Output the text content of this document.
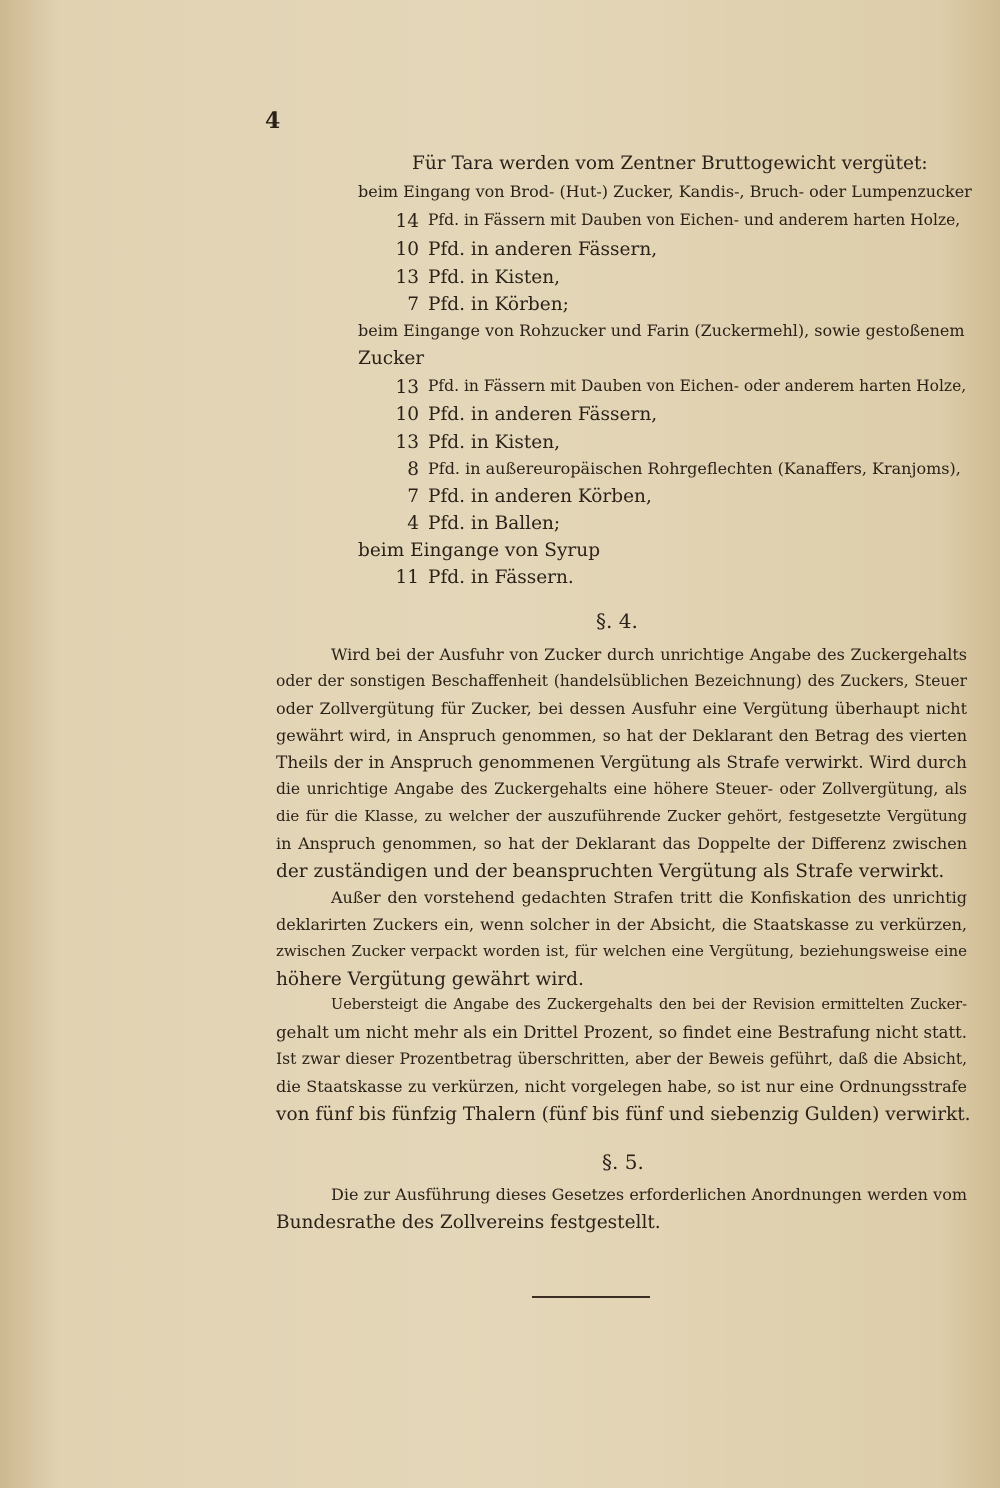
4
Für Tara werden vom Zentner Bruttogewicht vergütet:
beim Eingang von Brod- (Hut-) Zucker, Kandis-, Bruch- oder Lumpenzucker
14 Pfd. in Fässern mit Dauben von Eichen- und anderem harten Holze,
10 Pfd. in anderen Fässern,
13 Pfd. in Kisten,
7 Pfd. in Körben;
beim Eingange von Rohzucker und Farin (Zuckermehl), sowie gestoßenem
Zucker
13 Pfd. in Fässern mit Dauben von Eichen- oder anderem harten Holze,
10 Pfd. in anderen Fässern,
13 Pfd. in Kisten,
8 Pfd. in außereuropäischen Rohrgeflechten (Kanaffers, Kranjoms),
7 Pfd. in anderen Körben,
4 Pfd. in Ballen;
beim Eingange von Syrup
11 Pfd. in Fässern.
§. 4.
Wird bei der Ausfuhr von Zucker durch unrichtige Angabe des Zuckergehalts
oder der sonstigen Beschaffenheit (handelsüblichen Bezeichnung) des Zuckers, Steuer
oder Zollvergütung für Zucker, bei dessen Ausfuhr eine Vergütung überhaupt nicht
gewährt wird, in Anspruch genommen, so hat der Deklarant den Betrag des vierten
Theils der in Anspruch genommenen Vergütung als Strafe verwirkt. Wird durch
die unrichtige Angabe des Zuckergehalts eine höhere Steuer- oder Zollvergütung, als
die für die Klasse, zu welcher der auszuführende Zucker gehört, festgesetzte Vergütung
in Anspruch genommen, so hat der Deklarant das Doppelte der Differenz zwischen
der zuständigen und der beanspruchten Vergütung als Strafe verwirkt.
Außer den vorstehend gedachten Strafen tritt die Konfiskation des unrichtig
deklarirten Zuckers ein, wenn solcher in der Absicht, die Staatskasse zu verkürzen,
zwischen Zucker verpackt worden ist, für welchen eine Vergütung, beziehungsweise eine
höhere Vergütung gewährt wird.
Uebersteigt die Angabe des Zuckergehalts den bei der Revision ermittelten Zucker-
gehalt um nicht mehr als ein Drittel Prozent, so findet eine Bestrafung nicht statt.
Ist zwar dieser Prozentbetrag überschritten, aber der Beweis geführt, daß die Absicht,
die Staatskasse zu verkürzen, nicht vorgelegen habe, so ist nur eine Ordnungsstrafe
von fünf bis fünfzig Thalern (fünf bis fünf und siebenzig Gulden) verwirkt.
§. 5.
Die zur Ausführung dieses Gesetzes erforderlichen Anordnungen werden vom
Bundesrathe des Zollvereins festgestellt.
